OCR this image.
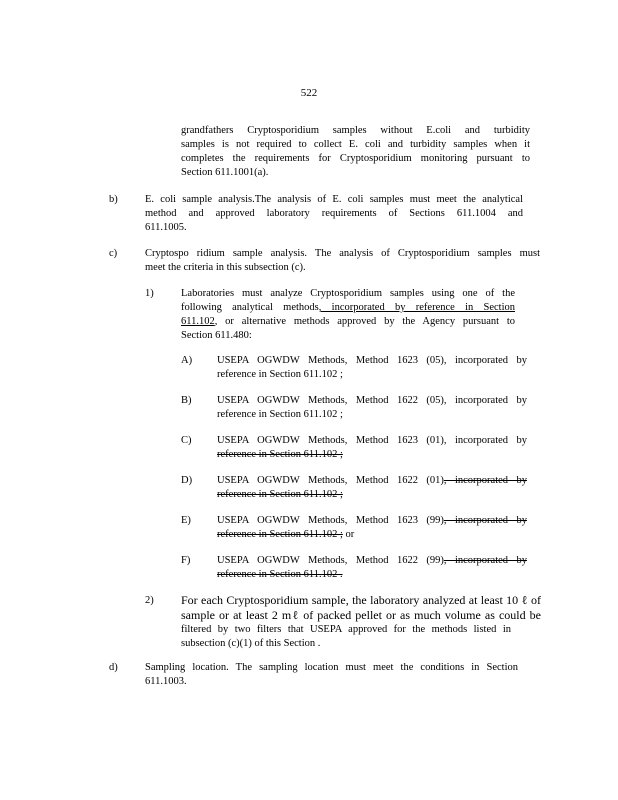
522
grandfathers Cryptosporidium samples without E.coli and turbidity
samples is not required to collect E. coli and turbidity samples when it
completes the requirements for Cryptosporidium monitoring pursuant to
Section 611.1001(a).
b)	E. coli sample analysis.The analysis of E. coli samples must meet the analytical
method and approved laboratory requirements of Sections 611.1004 and
611.1005.
c)	Cryptospo ridium sample analysis. The analysis of Cryptosporidium samples must
meet the criteria in this subsection (c).
1)	Laboratories must analyze Cryptosporidium samples using one of the
following analytical methods, incorporated by reference in Section
611.102, or alternative methods approved by the Agency pursuant to
Section 611.480:
A) USEPA OGWDW Methods, Method 1623 (05), incorporated by
reference in Section 611.102 ;
B) USEPA OGWDW Methods, Method 1622 (05), incorporated by
reference in Section 611.102 ;
C) USEPA OGWDW Methods, Method 1623 (01), incorporated by
reference in Section 611.102 ;
D) USEPA OGWDW Methods, Method 1622 (01), incorporated by
reference in Section 611.102 ;
E) USEPA OGWDW Methods, Method 1623 (99), incorporated by
reference in Section 611.102 ; or
F)	USEPA OGWDW Methods, Method 1622 (99), incorporated by
reference in Section 611.102 .
2) For each Cryptosporidium sample, the laboratory analyzed at least 10 ℓ of
sample or at least 2 mℓ of packed pellet or as much volume as could be
filtered by two filters that USEPA approved for the methods listed in
subsection (c)(1) of this Section .
d)	Sampling location. The sampling location must meet the conditions in Section
611.1003.
